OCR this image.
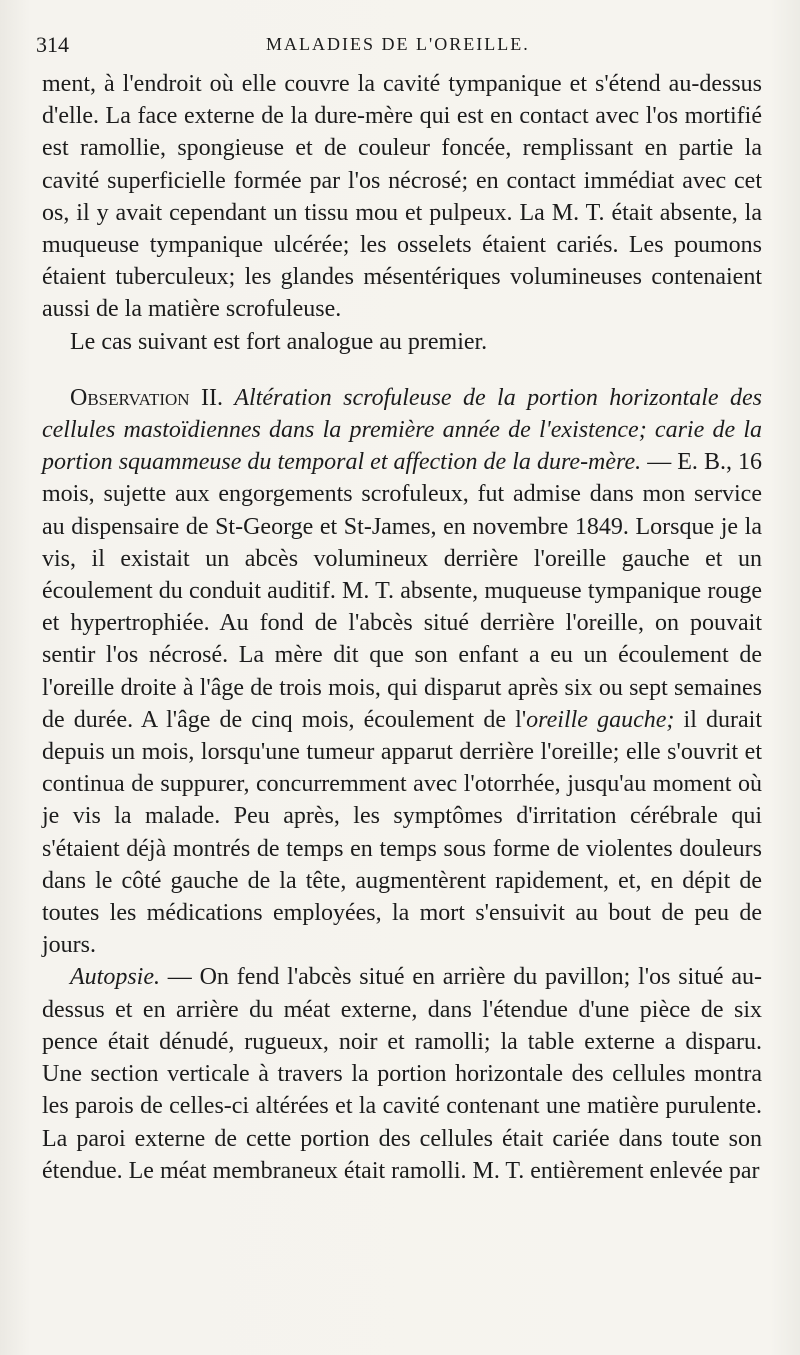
314	MALADIES DE L'OREILLE.

ment, à l'endroit où elle couvre la cavité tympanique et s'étend au-dessus d'elle. La face externe de la dure-mère qui est en contact avec l'os mortifié est ramollie, spongieuse et de couleur foncée, remplissant en partie la cavité superficielle formée par l'os nécrosé; en contact immédiat avec cet os, il y avait cependant un tissu mou et pulpeux. La M. T. était absente, la muqueuse tympanique ulcérée; les osselets étaient cariés. Les poumons étaient tuberculeux; les glandes mésentériques volumineuses contenaient aussi de la matière scrofuleuse.

Le cas suivant est fort analogue au premier.

Observation II. Altération scrofuleuse de la portion horizontale des cellules mastoïdiennes dans la première année de l'existence; carie de la portion squammeuse du temporal et affection de la dure-mère. — E. B., 16 mois, sujette aux engorgements scrofuleux, fut admise dans mon service au dispensaire de St-George et St-James, en novembre 1849. Lorsque je la vis, il existait un abcès volumineux derrière l'oreille gauche et un écoulement du conduit auditif. M. T. absente, muqueuse tympanique rouge et hypertrophiée. Au fond de l'abcès situé derrière l'oreille, on pouvait sentir l'os nécrosé. La mère dit que son enfant a eu un écoulement de l'oreille droite à l'âge de trois mois, qui disparut après six ou sept semaines de durée. A l'âge de cinq mois, écoulement de l'oreille gauche; il durait depuis un mois, lorsqu'une tumeur apparut derrière l'oreille; elle s'ouvrit et continua de suppurer, concurremment avec l'otorrhée, jusqu'au moment où je vis la malade. Peu après, les symptômes d'irritation cérébrale qui s'étaient déjà montrés de temps en temps sous forme de violentes douleurs dans le côté gauche de la tête, augmentèrent rapidement, et, en dépit de toutes les médications employées, la mort s'ensuivit au bout de peu de jours.

Autopsie. — On fend l'abcès situé en arrière du pavillon; l'os situé au-dessus et en arrière du méat externe, dans l'étendue d'une pièce de six pence était dénudé, rugueux, noir et ramolli; la table externe a disparu. Une section verticale à travers la portion horizontale des cellules montra les parois de celles-ci altérées et la cavité contenant une matière purulente. La paroi externe de cette portion des cellules était cariée dans toute son étendue. Le méat membraneux était ramolli. M. T. entièrement enlevée par
